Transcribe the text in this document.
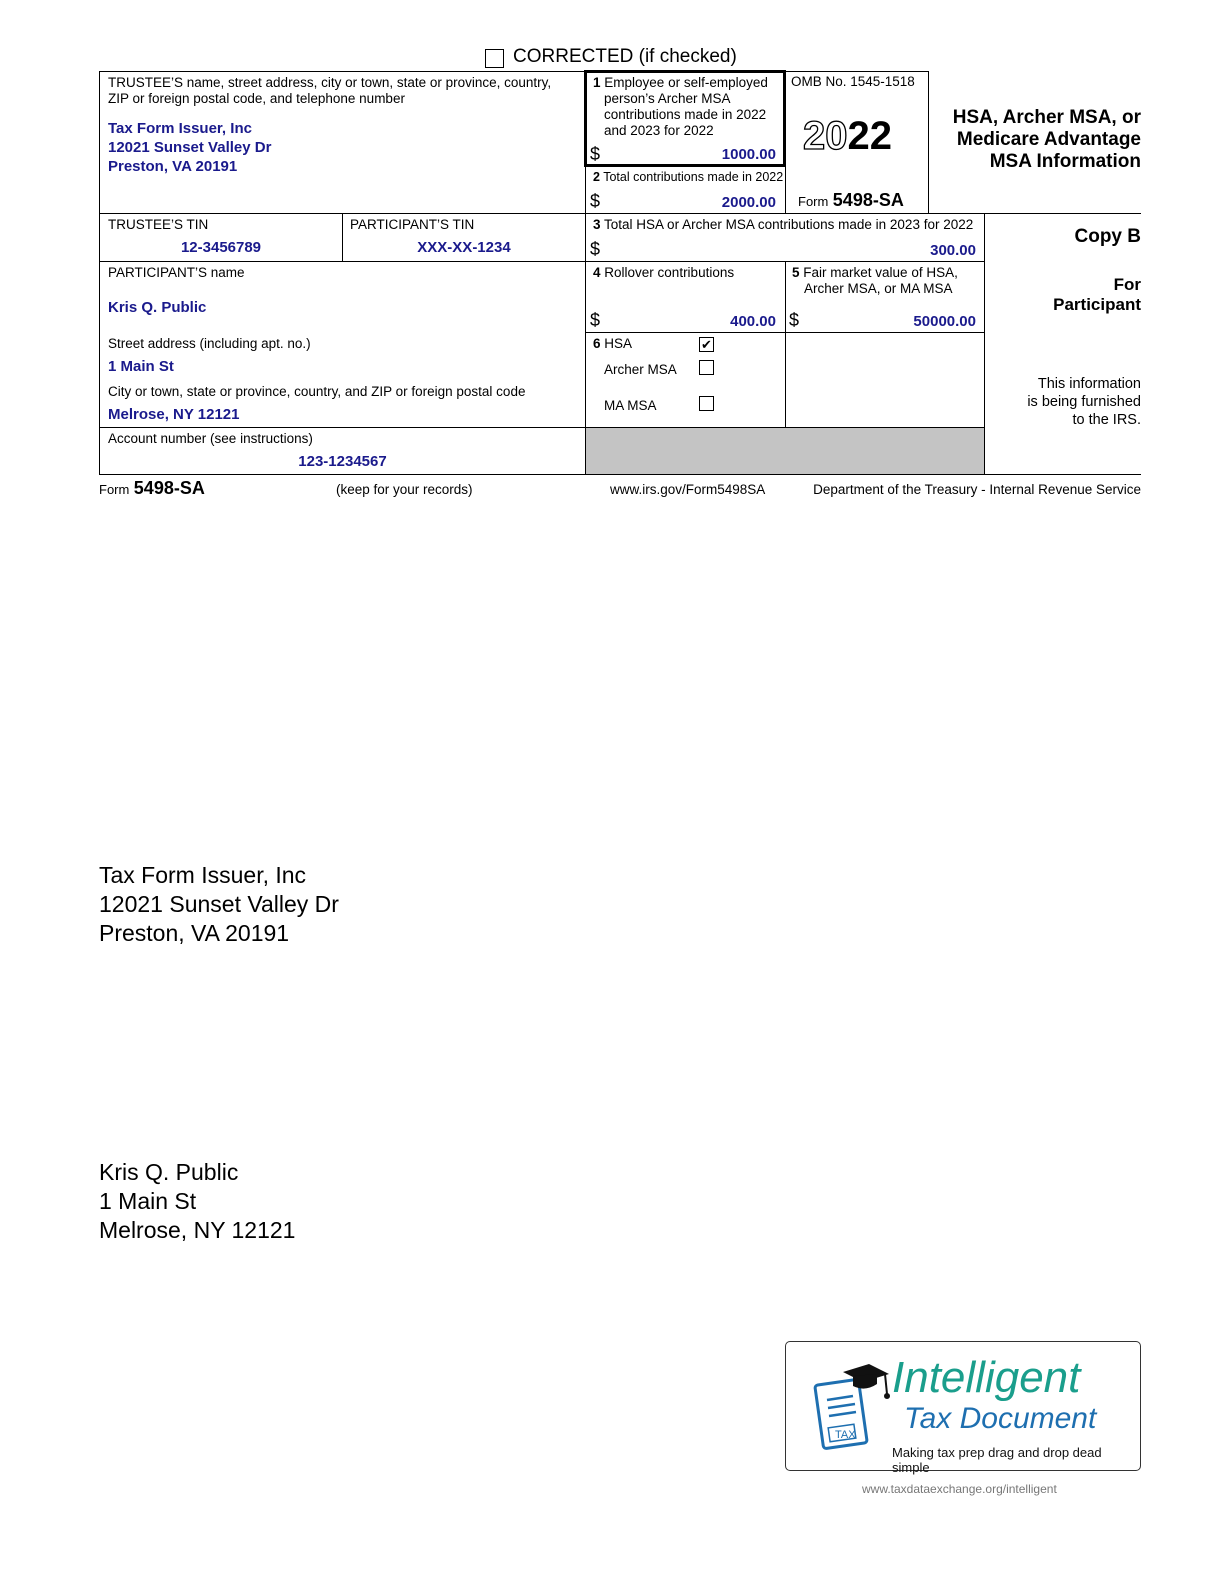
CORRECTED (if checked)
TRUSTEE’S name, street address, city or town, state or province, country,
ZIP or foreign postal code, and telephone number
Tax Form Issuer, Inc
12021 Sunset Valley Dr
Preston, VA 20191
1 Employee or self-employed
person’s Archer MSA
contributions made in 2022
and 2023 for 2022
$	1000.00
2 Total contributions made in 2022
$	2000.00
OMB No. 1545-1518
2022
Form 5498-SA
HSA, Archer MSA, or
Medicare Advantage
MSA Information
TRUSTEE’S TIN
12-3456789
PARTICIPANT’S TIN
XXX-XX-1234
3 Total HSA or Archer MSA contributions made in 2023 for 2022
$	300.00
Copy B
For
Participant
PARTICIPANT’S name
Kris Q. Public
4 Rollover contributions
$	400.00
5 Fair market value of HSA,
Archer MSA, or MA MSA
$	50000.00
Street address (including apt. no.)
1 Main St
6 HSA	✔
Archer MSA
MA MSA
This information
is being furnished
to the IRS.
City or town, state or province, country, and ZIP or foreign postal code
Melrose, NY 12121
Account number (see instructions)
123-1234567
Form 5498-SA	(keep for your records)	www.irs.gov/Form5498SA	Department of the Treasury - Internal Revenue Service
Tax Form Issuer, Inc
12021 Sunset Valley Dr
Preston, VA 20191
Kris Q. Public
1 Main St
Melrose, NY 12121
TAX
Intelligent
Tax Document
Making tax prep drag and drop dead simple
www.taxdataexchange.org/intelligent
